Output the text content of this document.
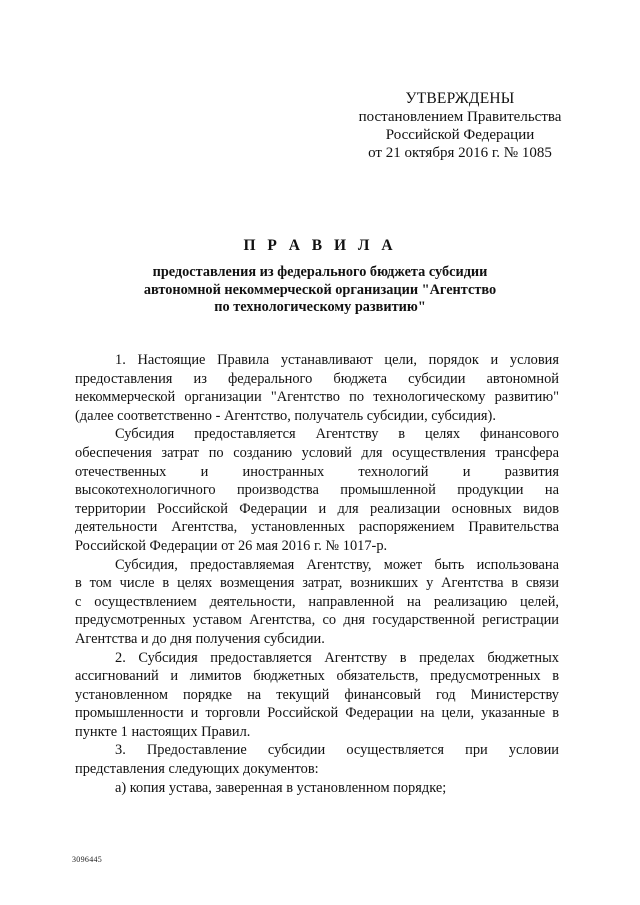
УТВЕРЖДЕНЫ
постановлением Правительства
Российской Федерации
от 21 октября 2016 г. № 1085
П Р А В И Л А
предоставления из федерального бюджета субсидии
автономной некоммерческой организации "Агентство
по технологическому развитию"

1. Настоящие Правила устанавливают цели, порядок и условия
предоставления из федерального бюджета субсидии автономной
некоммерческой организации "Агентство по технологическому развитию"
(далее соответственно - Агентство, получатель субсидии, субсидия).

Субсидия предоставляется Агентству в целях финансового
обеспечения затрат по созданию условий для осуществления трансфера
отечественных и иностранных технологий и развития
высокотехнологичного производства промышленной продукции на
территории Российской Федерации и для реализации основных видов
деятельности Агентства, установленных распоряжением Правительства
Российской Федерации от 26 мая 2016 г. № 1017-р.

Субсидия, предоставляемая Агентству, может быть использована
в том числе в целях возмещения затрат, возникших у Агентства в связи
с осуществлением деятельности, направленной на реализацию целей,
предусмотренных уставом Агентства, со дня государственной регистрации
Агентства и до дня получения субсидии.

2. Субсидия предоставляется Агентству в пределах бюджетных
ассигнований и лимитов бюджетных обязательств, предусмотренных в
установленном порядке на текущий финансовый год Министерству
промышленности и торговли Российской Федерации на цели, указанные в
пункте 1 настоящих Правил.

3. Предоставление субсидии осуществляется при условии
представления следующих документов:

а) копия устава, заверенная в установленном порядке;

3096445
